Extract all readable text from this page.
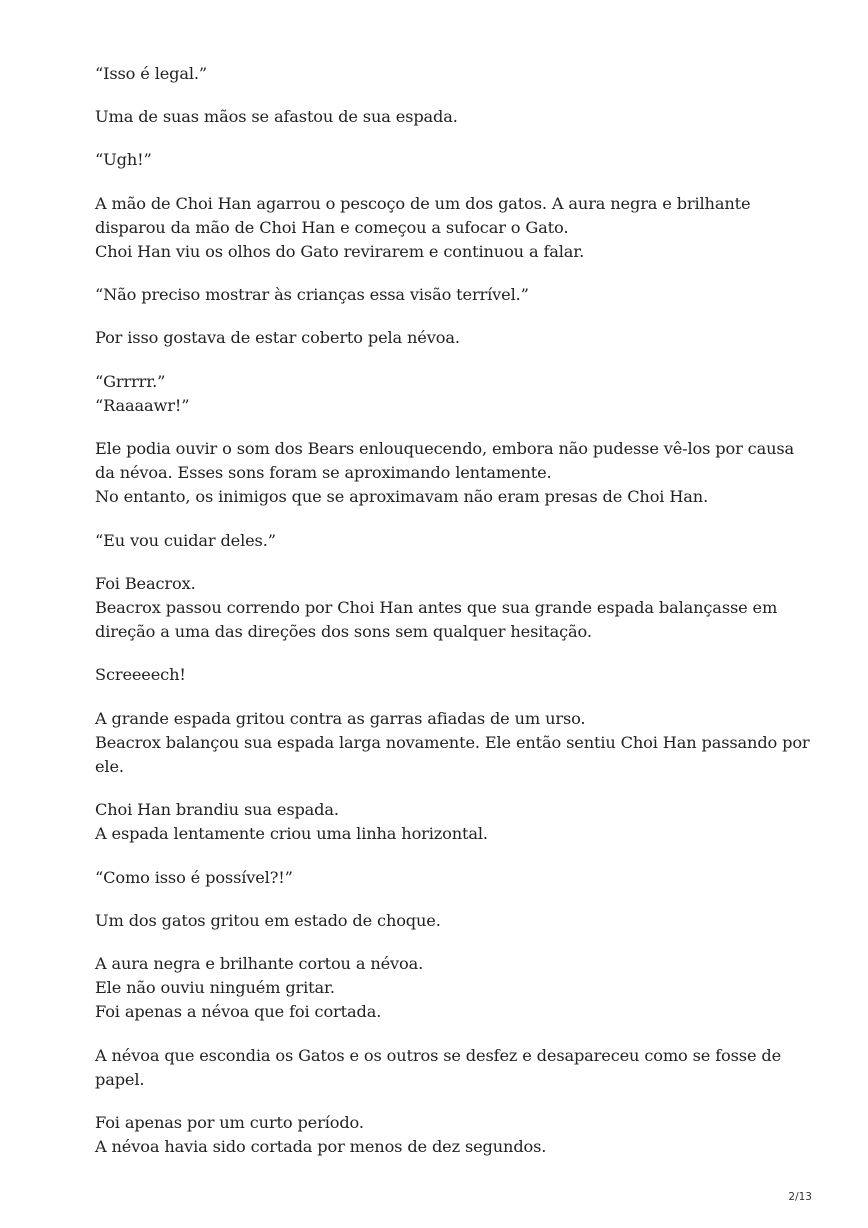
“Isso é legal.”

Uma de suas mãos se afastou de sua espada.

“Ugh!”

A mão de Choi Han agarrou o pescoço de um dos gatos. A aura negra e brilhante
disparou da mão de Choi Han e começou a sufocar o Gato.
Choi Han viu os olhos do Gato revirarem e continuou a falar.

“Não preciso mostrar às crianças essa visão terrível.”

Por isso gostava de estar coberto pela névoa.

“Grrrrr.”
“Raaaawr!”

Ele podia ouvir o som dos Bears enlouquecendo, embora não pudesse vê-los por causa
da névoa. Esses sons foram se aproximando lentamente.
No entanto, os inimigos que se aproximavam não eram presas de Choi Han.

“Eu vou cuidar deles.”

Foi Beacrox.
Beacrox passou correndo por Choi Han antes que sua grande espada balançasse em
direção a uma das direções dos sons sem qualquer hesitação.

Screeeech!

A grande espada gritou contra as garras afiadas de um urso.
Beacrox balançou sua espada larga novamente. Ele então sentiu Choi Han passando por
ele.

Choi Han brandiu sua espada.
A espada lentamente criou uma linha horizontal.

“Como isso é possível?!”

Um dos gatos gritou em estado de choque.

A aura negra e brilhante cortou a névoa.
Ele não ouviu ninguém gritar.
Foi apenas a névoa que foi cortada.

A névoa que escondia os Gatos e os outros se desfez e desapareceu como se fosse de
papel.

Foi apenas por um curto período.
A névoa havia sido cortada por menos de dez segundos.

2/13
